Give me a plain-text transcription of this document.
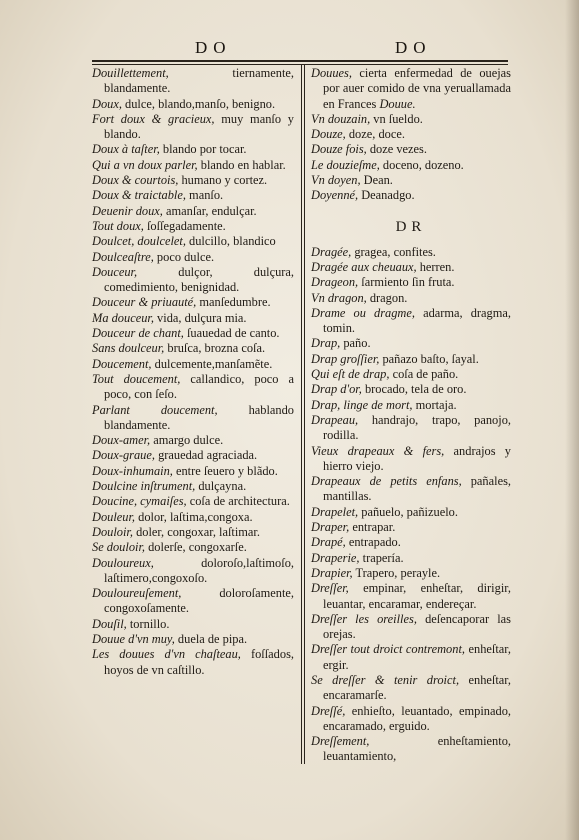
DO	DO

Douillettement, tiernamente, blandamente.

Doux, dulce, blando,manſo, benigno.

Fort doux & gracieux, muy manſo y blando.

Doux à taſter, blando por tocar.

Qui a vn doux parler, blando en hablar.

Doux & courtois, humano y cortez.

Doux & traictable, manſo.

Deuenir doux, amanſar, endulçar.

Tout doux, ſoſſegadamente.

Doulcet, doulcelet, dulcillo, blandico

Doulceaſtre, poco dulce.

Douceur, dulçor, dulçura, comedimiento, benignidad.

Douceur & priuauté, manſedumbre.

Ma douceur, vida, dulçura mia.

Douceur de chant, ſuauedad de canto.

Sans doulceur, bruſca, brozna coſa.

Doucement, dulcemente,manſamẽte.

Tout doucement, callandico, poco a poco, con ſeſo.

Parlant doucement, hablando blandamente.

Doux-amer, amargo dulce.

Doux-graue, grauedad agraciada.

Doux-inhumain, entre ſeuero y blãdo.

Doulcine inſtrument, dulçayna.

Doucine, cymaiſes, coſa de architectura.

Douleur, dolor, laſtima,congoxa.

Douloir, doler, congoxar, laſtimar.

Se douloir, dolerſe, congoxarſe.

Douloureux, doloroſo,laſtimoſo, laſtimero,congoxoſo.

Douloureuſement, doloroſamente, congoxoſamente.

Douſil, tornillo.

Douue d'vn muy, duela de pipa.

Les douues d'vn chaſteau, foſſados, hoyos de vn caſtillo.

Douues, cierta enfermedad de ouejas por auer comido de vna yeruallamada en Frances Douue.

Vn douzain, vn ſueldo.

Douze, doze, doce.

Douze fois, doze vezes.

Le douzieſme, doceno, dozeno.

Vn doyen, Dean.

Doyenné, Deanadgo.

DR

Dragée, gragea, confites.

Dragée aux cheuaux, herren.

Drageon, ſarmiento ſin fruta.

Vn dragon, dragon.

Drame ou dragme, adarma, dragma, tomin.

Drap, paño.

Drap groſſier, pañazo baſto, ſayal.

Qui eſt de drap, coſa de paño.

Drap d'or, brocado, tela de oro.

Drap, linge de mort, mortaja.

Drapeau, handrajo, trapo, panojo, rodilla.

Vieux drapeaux & fers, andrajos y hierro viejo.

Drapeaux de petits enfans, pañales, mantillas.

Drapelet, pañuelo, pañizuelo.

Draper, entrapar.

Drapé, entrapado.

Draperie, trapería.

Drapier, Trapero, perayle.

Dreſſer, empinar, enheſtar, dirigir, leuantar, encaramar, endereçar.

Dreſſer les oreilles, deſencaporar las orejas.

Dreſſer tout droict contremont, enheſtar, ergir.

Se dreſſer & tenir droict, enheſtar, encaramarſe.

Dreſſé, enhieſto, leuantado, empinado, encaramado, erguido.

Dreſſement, enheſtamiento, leuantamiento,
